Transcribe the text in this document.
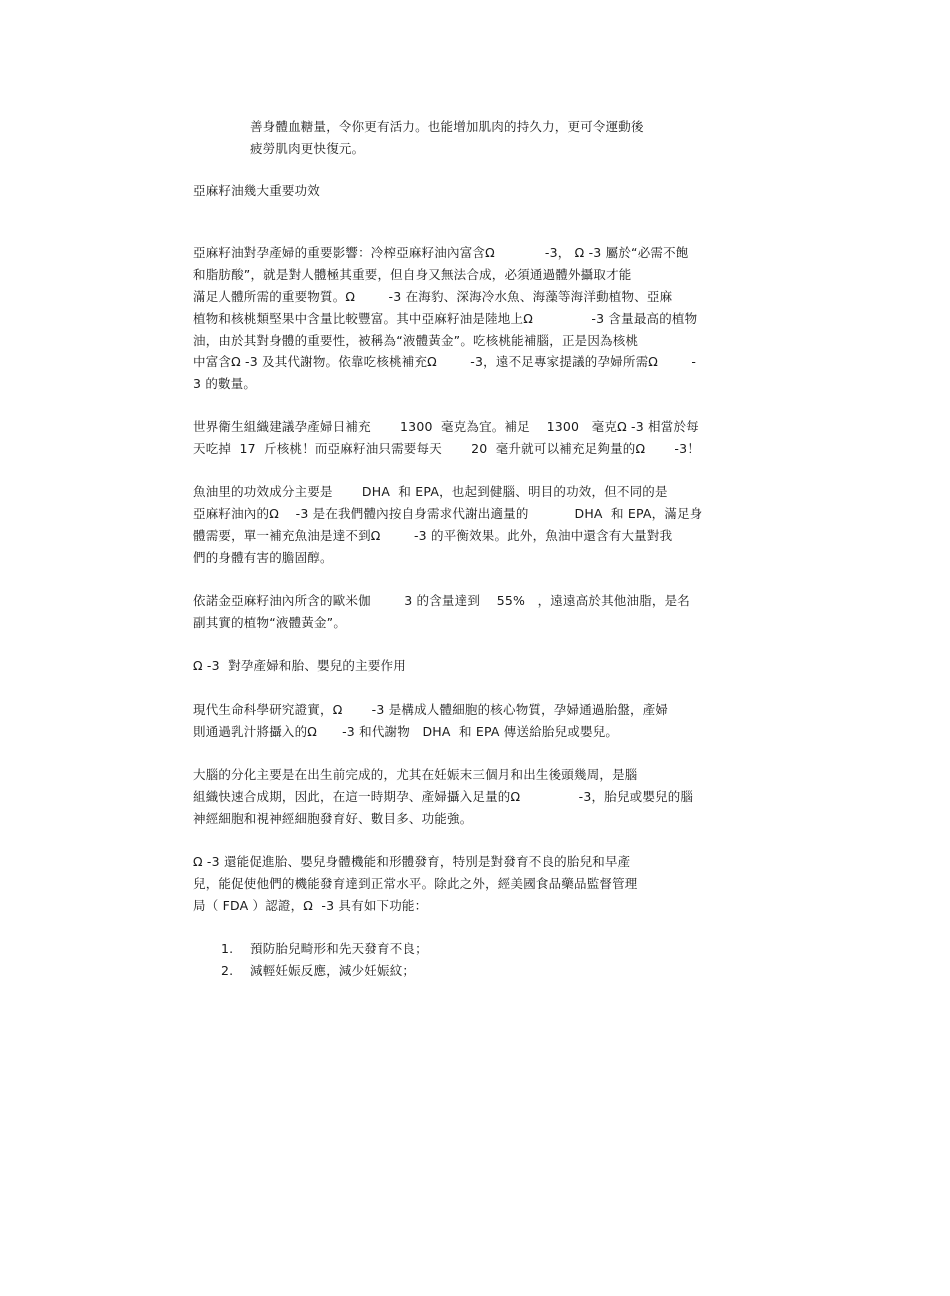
善身體血糖量，令你更有活力。也能增加肌肉的持久力，更可令運動後
疲勞肌肉更快復元。
亞麻籽油幾大重要功效
亞麻籽油對孕產婦的重要影響：冷榨亞麻籽油內富含Ω            -3， Ω -3 屬於“必需不飽
和脂肪酸”，就是對人體極其重要，但自身又無法合成，必須通過體外攝取才能
滿足人體所需的重要物質。Ω        -3 在海豹、深海冷水魚、海藻等海洋動植物、亞麻
植物和核桃類堅果中含量比較豐富。其中亞麻籽油是陸地上Ω              -3 含量最高的植物
油，由於其對身體的重要性，被稱為“液體黃金”。吃核桃能補腦，正是因為核桃
中富含Ω -3 及其代謝物。依靠吃核桃補充Ω        -3，遠不足專家提議的孕婦所需Ω        -
3 的數量。
世界衛生組織建議孕產婦日補充       1300  毫克為宜。補足    1300   毫克Ω -3 相當於每
天吃掉  17  斤核桃！而亞麻籽油只需要每天       20  毫升就可以補充足夠量的Ω       -3！
魚油里的功效成分主要是       DHA  和 EPA，也起到健腦、明目的功效，但不同的是
亞麻籽油內的Ω    -3 是在我們體內按自身需求代謝出適量的           DHA  和 EPA，滿足身
體需要，單一補充魚油是達不到Ω        -3 的平衡效果。此外，魚油中還含有大量對我
們的身體有害的膽固醇。
依諾金亞麻籽油內所含的歐米伽        3 的含量達到    55%   ，遠遠高於其他油脂，是名
副其實的植物“液體黃金”。
Ω -3  對孕產婦和胎、嬰兒的主要作用
現代生命科學研究證實，Ω       -3 是構成人體細胞的核心物質，孕婦通過胎盤，產婦
則通過乳汁將攝入的Ω      -3 和代謝物   DHA  和 EPA 傳送給胎兒或嬰兒。
大腦的分化主要是在出生前完成的，尤其在妊娠末三個月和出生後頭幾周，是腦
組織快速合成期，因此，在這一時期孕、產婦攝入足量的Ω              -3，胎兒或嬰兒的腦
神經細胞和視神經細胞發育好、數目多、功能強。
Ω -3 還能促進胎、嬰兒身體機能和形體發育，特別是對發育不良的胎兒和早產
兒，能促使他們的機能發育達到正常水平。除此之外，經美國食品藥品監督管理
局（ FDA ）認證，Ω  -3 具有如下功能：
1. 預防胎兒畸形和先天發育不良；
2. 減輕妊娠反應，減少妊娠紋；
